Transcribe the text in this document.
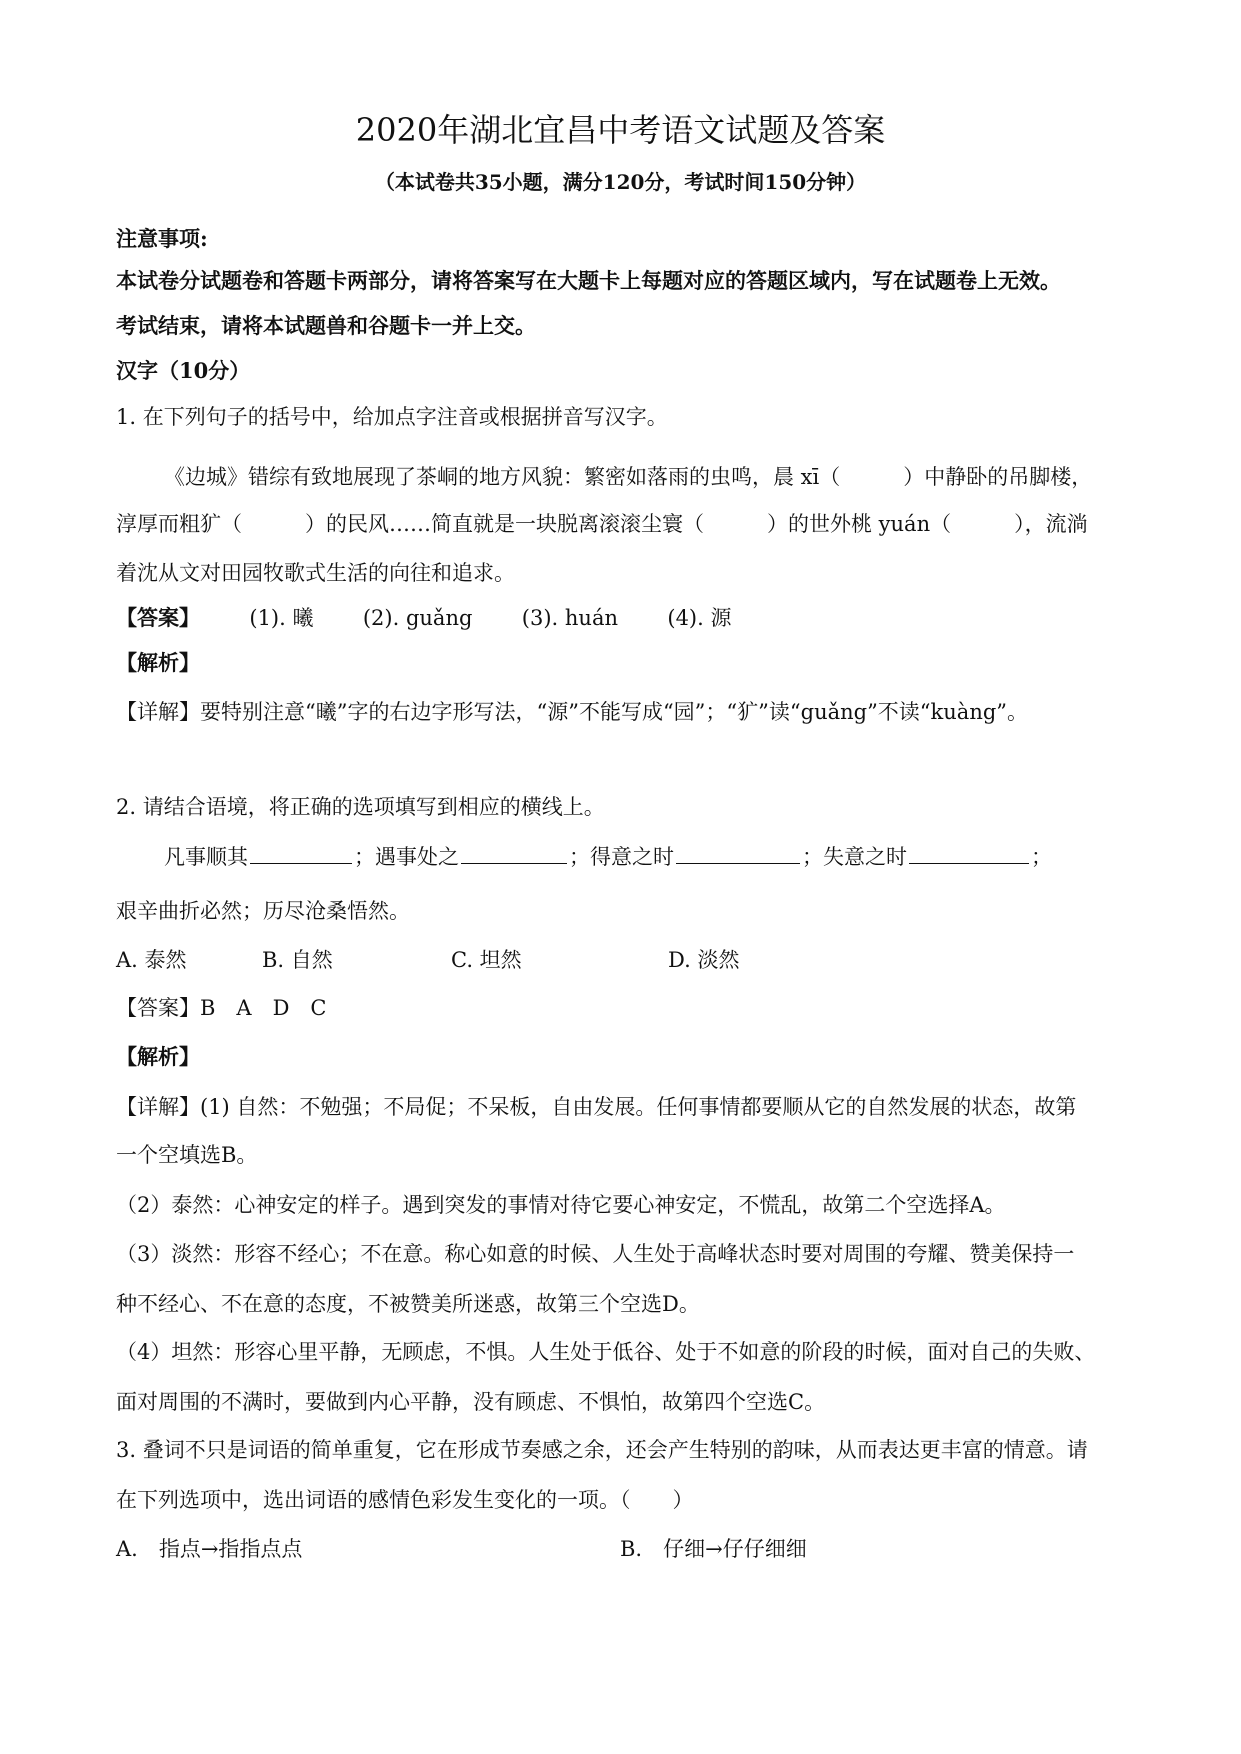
2020年湖北宜昌中考语文试题及答案
（本试卷共35小题，满分120分，考试时间150分钟）
注意事项:
本试卷分试题卷和答题卡两部分，请将答案写在大题卡上每题对应的答题区域内，写在试题卷上无效。
考试结束，请将本试题兽和谷题卡一并上交。
汉字（10分）
1. 在下列句子的括号中，给加点字注音或根据拼音写汉字。
《边城》错综有致地展现了茶峒的地方风貌：繁密如落雨的虫鸣，晨 xī（　　　）中静卧的吊脚楼，
淳厚而粗犷（　　　）的民风……简直就是一块脱离滚滚尘寰（　　　）的世外桃 yuán（　　　），流淌
着沈从文对田园牧歌式生活的向往和追求。
【答案】 (1). 曦 (2). guǎng (3). huán (4). 源
【解析】
【详解】要特别注意“曦”字的右边字形写法，“源”不能写成“园”；“犷”读“guǎng”不读“kuàng”。
2. 请结合语境，将正确的选项填写到相应的横线上。
凡事顺其	；遇事处之	；得意之时	；失意之时	；
艰辛曲折必然；历尽沧桑悟然。
A. 泰然	B. 自然	C. 坦然	D. 淡然
【答案】B　A　D　C
【解析】
【详解】(1) 自然：不勉强；不局促；不呆板，自由发展。任何事情都要顺从它的自然发展的状态，故第
一个空填选B。
（2）泰然：心神安定的样子。遇到突发的事情对待它要心神安定，不慌乱，故第二个空选择A。
（3）淡然：形容不经心；不在意。称心如意的时候、人生处于高峰状态时要对周围的夸耀、赞美保持一
种不经心、不在意的态度，不被赞美所迷惑，故第三个空选D。
（4）坦然：形容心里平静，无顾虑，不惧。人生处于低谷、处于不如意的阶段的时候，面对自己的失败、
面对周围的不满时，要做到内心平静，没有顾虑、不惧怕，故第四个空选C。
3. 叠词不只是词语的简单重复，它在形成节奏感之余，还会产生特别的韵味，从而表达更丰富的情意。请
在下列选项中，选出词语的感情色彩发生变化的一项。（　　）
A.　指点→指指点点	B.　仔细→仔仔细细
